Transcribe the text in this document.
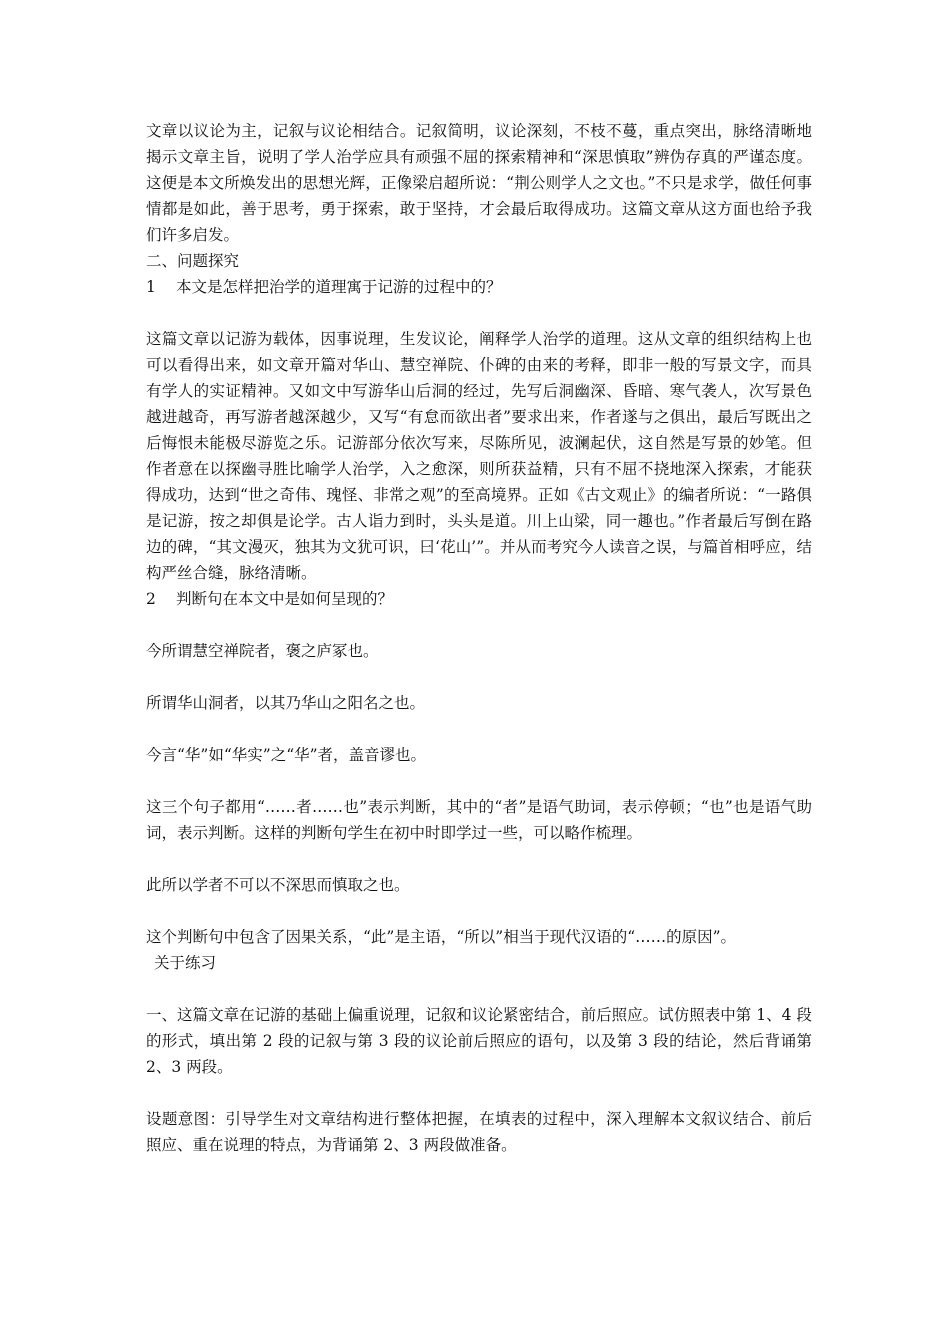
文章以议论为主，记叙与议论相结合。记叙简明，议论深刻，不枝不蔓，重点突出，脉络清晰地揭示文章主旨，说明了学人治学应具有顽强不屈的探索精神和“深思慎取”辨伪存真的严谨态度。这便是本文所焕发出的思想光辉，正像梁启超所说：“荆公则学人之文也。”不只是求学，做任何事情都是如此，善于思考，勇于探索，敢于坚持，才会最后取得成功。这篇文章从这方面也给予我们许多启发。

二、问题探究

1 本文是怎样把治学的道理寓于记游的过程中的？

这篇文章以记游为载体，因事说理，生发议论，阐释学人治学的道理。这从文章的组织结构上也可以看得出来，如文章开篇对华山、慧空禅院、仆碑的由来的考释，即非一般的写景文字，而具有学人的实证精神。又如文中写游华山后洞的经过，先写后洞幽深、昏暗、寒气袭人，次写景色越进越奇，再写游者越深越少，又写“有怠而欲出者”要求出来，作者遂与之俱出，最后写既出之后悔恨未能极尽游览之乐。记游部分依次写来，尽陈所见，波澜起伏，这自然是写景的妙笔。但作者意在以探幽寻胜比喻学人治学，入之愈深，则所获益精，只有不屈不挠地深入探索，才能获得成功，达到“世之奇伟、瑰怪、非常之观”的至高境界。正如《古文观止》的编者所说：“一路俱是记游，按之却俱是论学。古人诣力到时，头头是道。川上山梁，同一趣也。”作者最后写倒在路边的碑，“其文漫灭，独其为文犹可识，曰‘花山’”。并从而考究今人读音之误，与篇首相呼应，结构严丝合缝，脉络清晰。

2 判断句在本文中是如何呈现的？

今所谓慧空禅院者，褒之庐冢也。

所谓华山洞者，以其乃华山之阳名之也。

今言“华”如“华实”之“华”者，盖音谬也。

这三个句子都用“……者……也”表示判断，其中的“者”是语气助词，表示停顿；“也”也是语气助词，表示判断。这样的判断句学生在初中时即学过一些，可以略作梳理。

此所以学者不可以不深思而慎取之也。

这个判断句中包含了因果关系，“此”是主语，“所以”相当于现代汉语的“……的原因”。

关于练习

一、这篇文章在记游的基础上偏重说理，记叙和议论紧密结合，前后照应。试仿照表中第 1、4 段的形式，填出第 2 段的记叙与第 3 段的议论前后照应的语句，以及第 3 段的结论，然后背诵第 2、3 两段。

设题意图：引导学生对文章结构进行整体把握，在填表的过程中，深入理解本文叙议结合、前后照应、重在说理的特点，为背诵第 2、3 两段做准备。
